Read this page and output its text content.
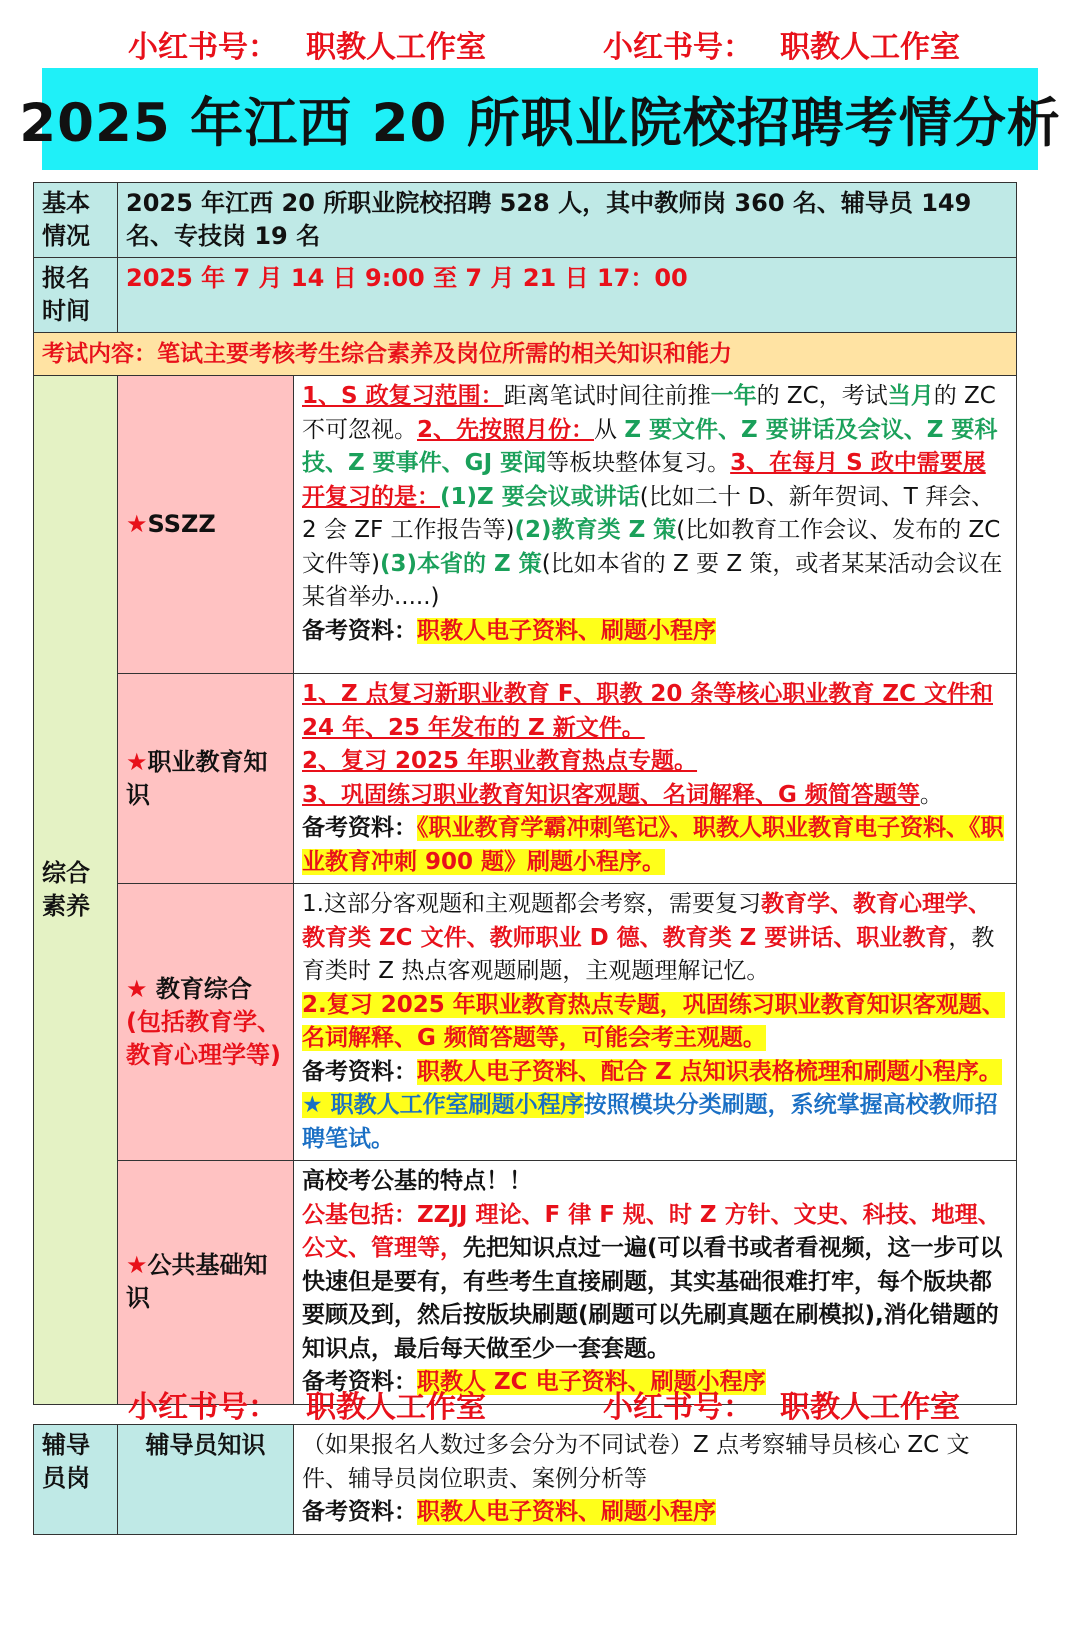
小红书号： 职教人工作室	小红书号： 职教人工作室
2025 年江西 20 所职业院校招聘考情分析
基本情况	2025 年江西 20 所职业院校招聘 528 人，其中教师岗 360 名、辅导员 149 名、专技岗 19 名	
报名时间	2025 年 7 月 14 日 9:00 至 7 月 21 日 17：00	
考试内容：笔试主要考核考生综合素养及岗位所需的相关知识和能力		
综合素养	★SSZZ	1、S 政复习范围：距离笔试时间往前推一年的 ZC，考试当月的 ZC 不可忽视。2、先按照月份：从 Z 要文件、Z 要讲话及会议、Z 要科技、Z 要事件、GJ 要闻等板块整体复习。3、在每月 S 政中需要展开复习的是：(1)Z 要会议或讲话(比如二十 D、新年贺词、T 拜会、2 会 ZF 工作报告等)(2)教育类 Z 策(比如教育工作会议、发布的 ZC 文件等)(3)本省的 Z 策(比如本省的 Z 要 Z 策，或者某某活动会议在某省举办.....)
备考资料：职教人电子资料、刷题小程序
	★职业教育知识	1、Z 点复习新职业教育 F、职教 20 条等核心职业教育 ZC 文件和 24 年、25 年发布的 Z 新文件。
2、复习 2025 年职业教育热点专题。
3、巩固练习职业教育知识客观题、名词解释、G 频简答题等。
备考资料：《职业教育学霸冲刺笔记》、职教人职业教育电子资料、《职业教育冲刺 900 题》刷题小程序。
	★ 教育综合
(包括教育学、教育心理学等)	1.这部分客观题和主观题都会考察，需要复习教育学、教育心理学、教育类 ZC 文件、教师职业 D 德、教育类 Z 要讲话、职业教育，教育类时 Z 热点客观题刷题，主观题理解记忆。
2.复习 2025 年职业教育热点专题，巩固练习职业教育知识客观题、名词解释、G 频简答题等，可能会考主观题。
备考资料：职教人电子资料、配合 Z 点知识表格梳理和刷题小程序。★ 职教人工作室刷题小程序按照模块分类刷题，系统掌握高校教师招聘笔试。
	★公共基础知识	高校考公基的特点！！
公基包括：ZZJJ 理论、F 律 F 规、时 Z 方针、文史、科技、地理、公文、管理等，先把知识点过一遍(可以看书或者看视频，这一步可以快速但是要有，有些考生直接刷题，其实基础很难打牢，每个版块都要顾及到，然后按版块刷题(刷题可以先刷真题在刷模拟),消化错题的知识点，最后每天做至少一套套题。
备考资料：职教人 ZC 电子资料、刷题小程序
小红书号： 职教人工作室	小红书号： 职教人工作室
辅导员岗	辅导员知识	（如果报名人数过多会分为不同试卷）Z 点考察辅导员核心 ZC 文件、辅导员岗位职责、案例分析等
备考资料：职教人电子资料、刷题小程序
